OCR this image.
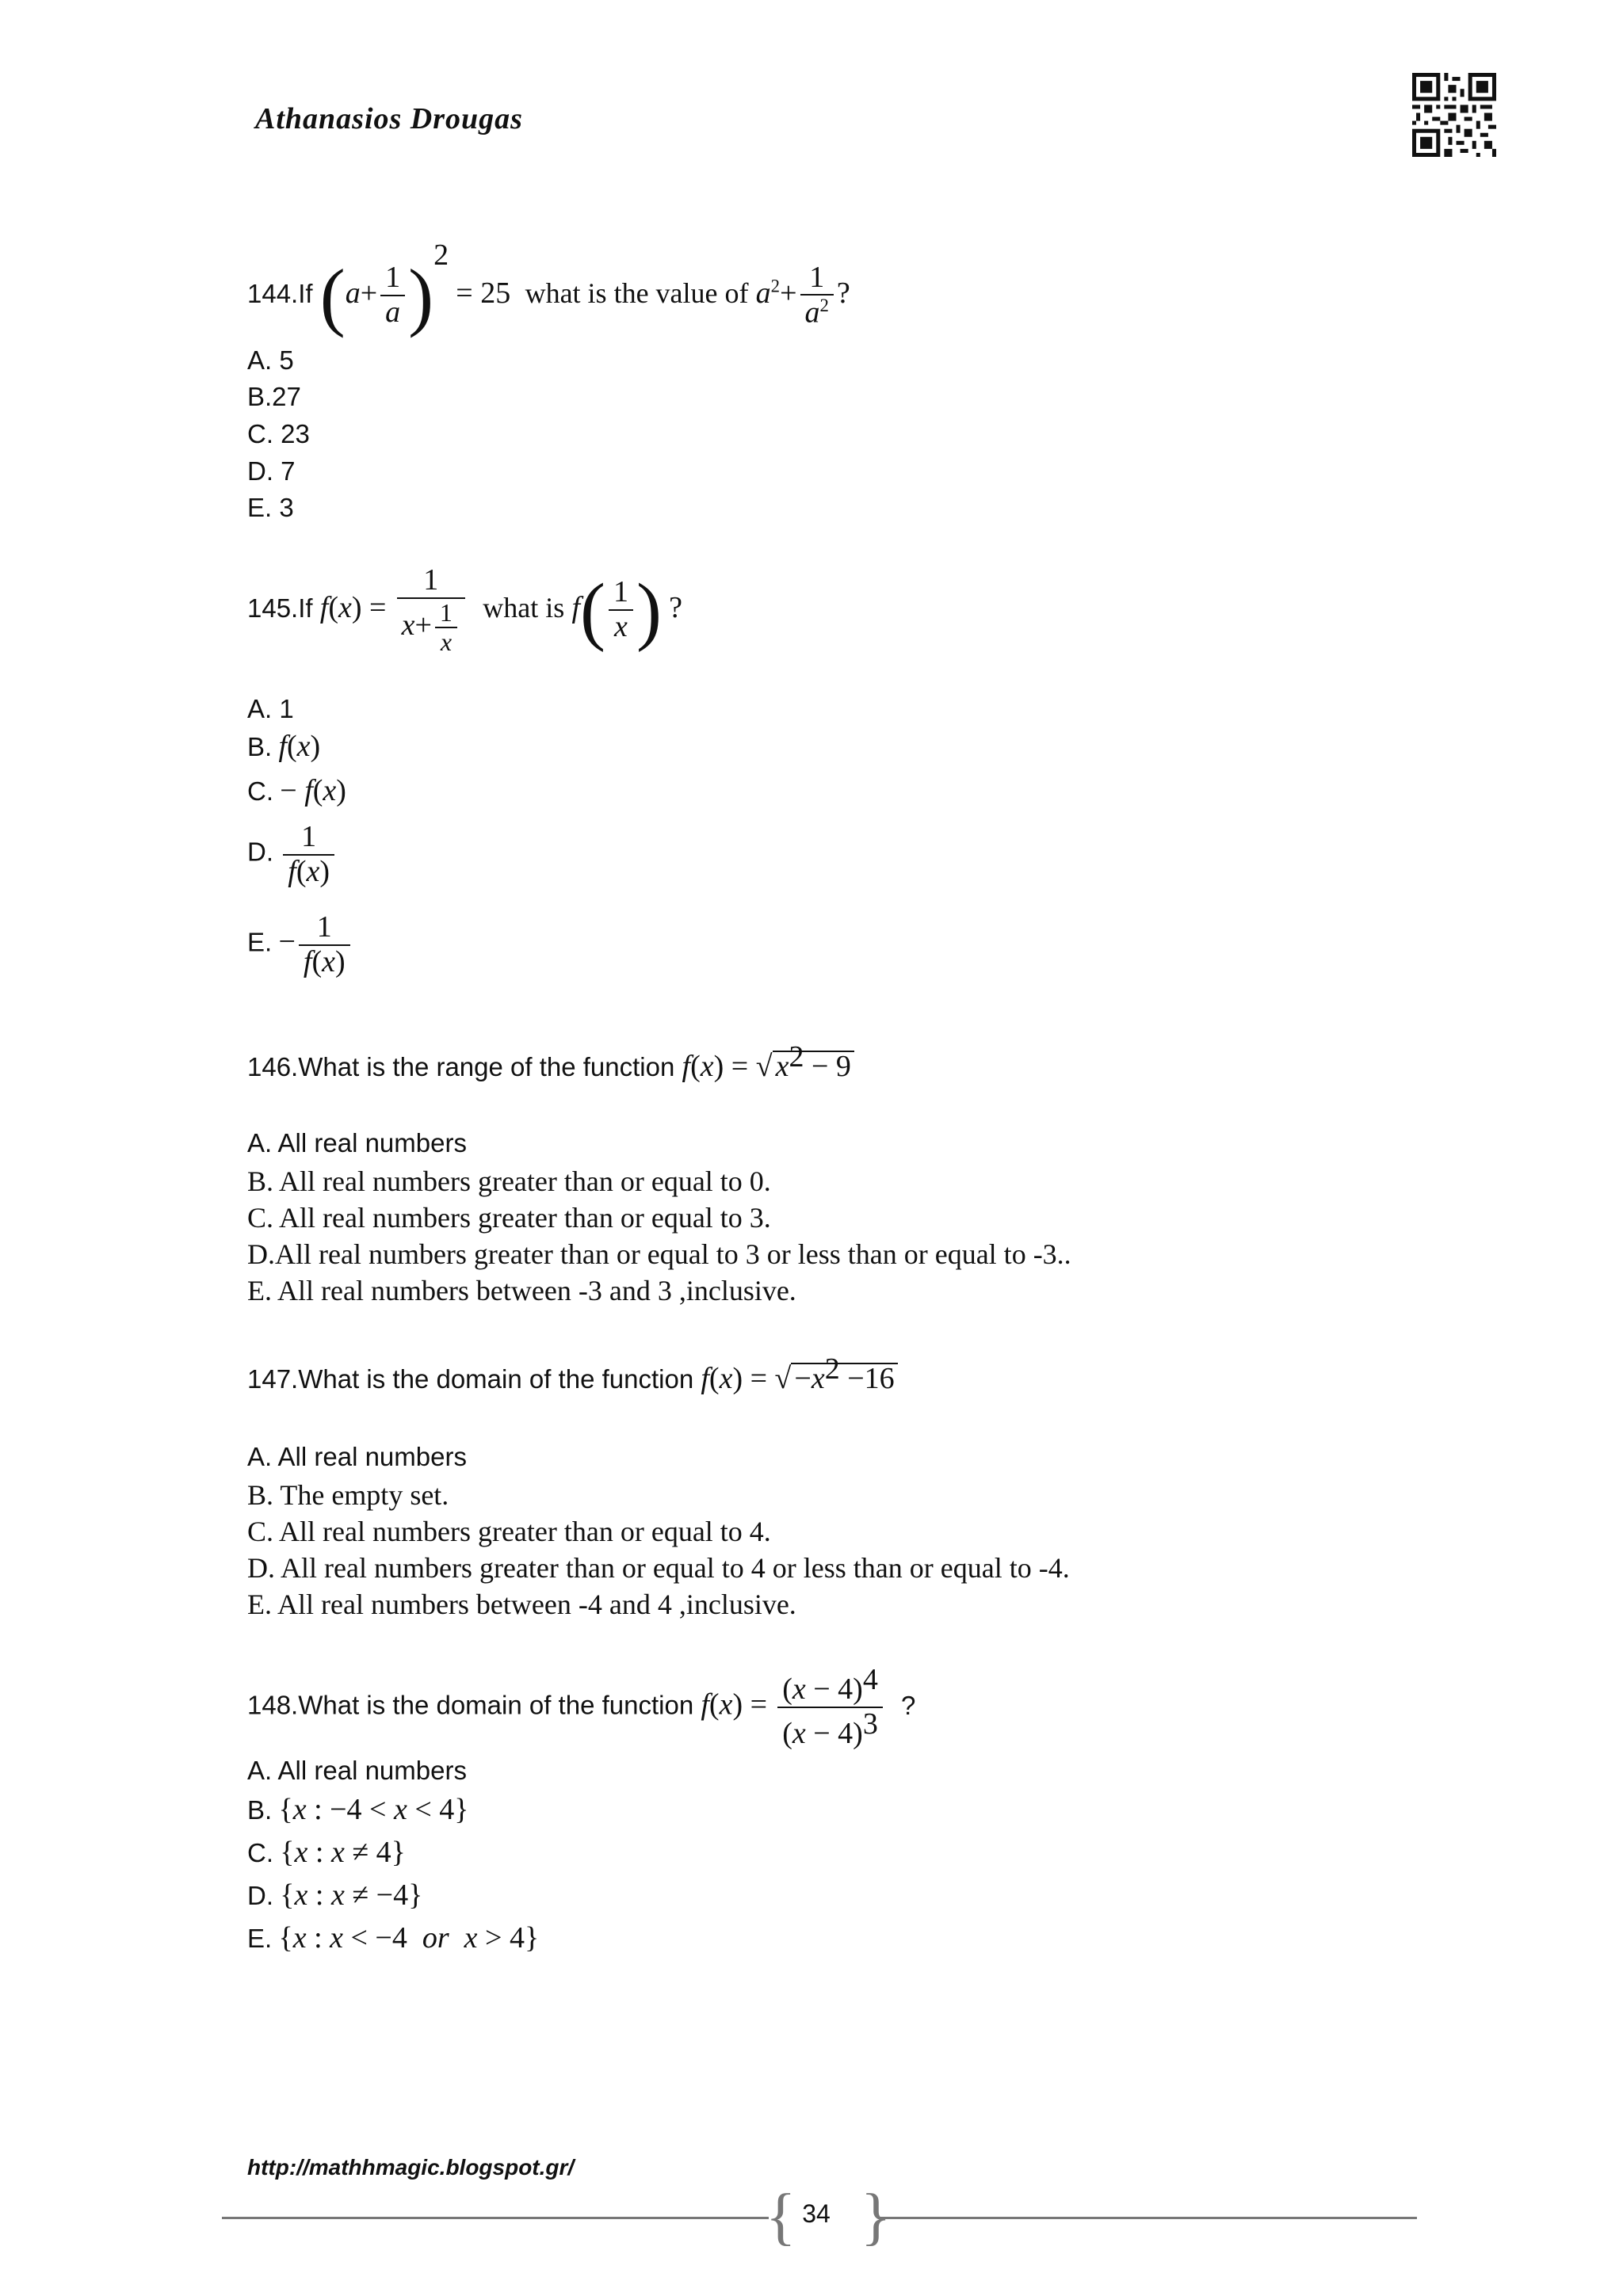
Athanasios Drougas
144.If $(a+ \frac{1}{a} )^2 = 25$ what is the value of $a^2+ \frac{1}{a^2}$ ?
A. 5
B.27
C. 23
D. 7
E. 3
145.If $f(x) = \frac{1}{x+ \frac{1}{x}}$ what is $f( \frac{1}{x}$ ) ?
A. 1
B. f(x)
C. − f(x)
D. $\frac{1}{f(x)}$
E. − $\frac{1}{f(x)}$
146.What is the range of the function f(x) = √ $x^2 - 9$
A. All real numbers
B. All real numbers greater than or equal to 0.
C. All real numbers greater than or equal to 3.
D.All real numbers greater than or equal to 3 or less than or equal to -3..
E. All real numbers between -3 and 3 ,inclusive.
147.What is the domain of the function f(x) = √ $-x^2 -16$
A. All real numbers
B. The empty set.
C. All real numbers greater than or equal to 4.
D. All real numbers greater than or equal to 4 or less than or equal to -4.
E. All real numbers between -4 and 4 ,inclusive.
148.What is the domain of the function $f(x) = \frac{(x - 4)^4}{(x - 4)^3}$ ?
A. All real numbers
B. {x : −4 < x < 4}
C. {x : x ≠ 4}
D. {x : x ≠ −4}
E. {x : x < −4  or x > 4}
http://mathhmagic.blogspot.gr/
{ }
34
